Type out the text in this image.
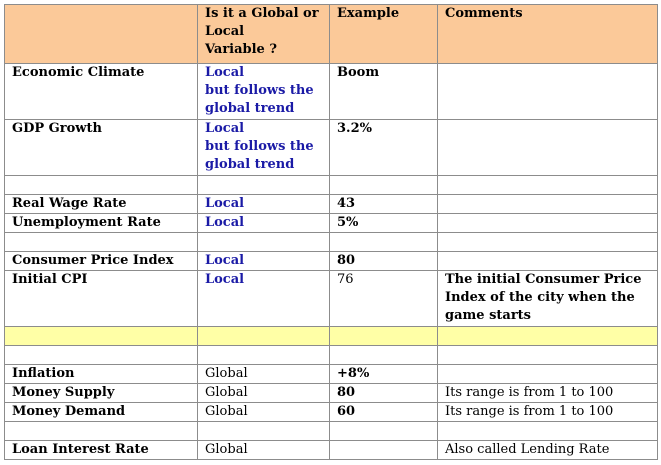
	Is it a Global or
Local
Variable ?	Example	Comments
Economic Climate	Local
but follows the
global trend	Boom	
GDP Growth	Local
but follows the
global trend	3.2%	

Real Wage Rate	Local	43	
Unemployment Rate	Local	5%	

Consumer Price Index	Local	80	
Initial CPI	Local	76	The initial Consumer Price
Index of the city when the
game starts

Inflation	Global	+8%	
Money Supply	Global	80	Its range is from 1 to 100
Money Demand	Global	60	Its range is from 1 to 100

Loan Interest Rate	Global		Also called Lending Rate
